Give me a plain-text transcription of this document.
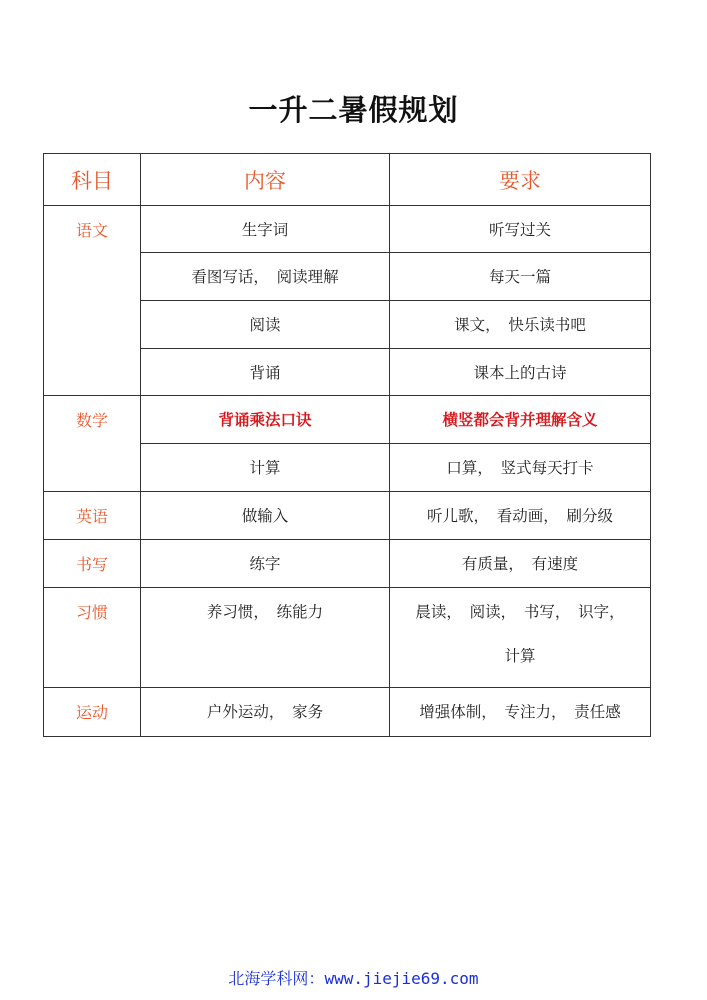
一升二暑假规划
科目	内容	要求
语文	生字词	听写过关
	看图写话，　阅读理解	每天一篇
	阅读	课文，　快乐读书吧
	背诵	课本上的古诗
数学	背诵乘法口诀	横竖都会背并理解含义
	计算	口算，　竖式每天打卡
英语	做输入	听儿歌，　看动画，　刷分级
书写	练字	有质量，　有速度
习惯	养习惯，　练能力	晨读，　阅读，　书写，　识字，
计算

运动	户外运动，　家务	增强体制，　专注力，　责任感
北海学科网：www.jiejie69.com
